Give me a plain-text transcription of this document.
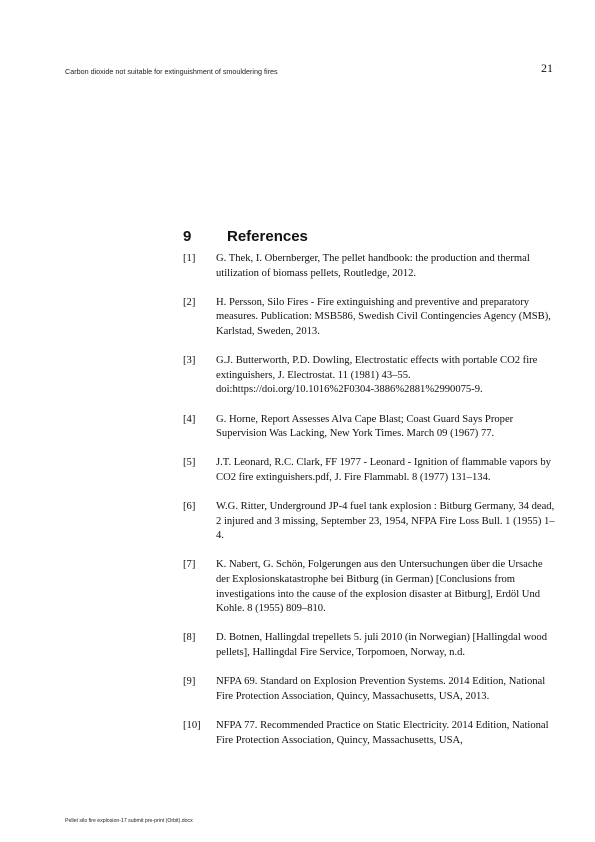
Carbon dioxide not suitable for extinguishment of smouldering fires	21
9 References
[1]	G. Thek, I. Obernberger, The pellet handbook: the production and thermal utilization of biomass pellets, Routledge, 2012.
[2]	H. Persson, Silo Fires - Fire extinguishing and preventive and preparatory measures. Publication: MSB586, Swedish Civil Contingencies Agency (MSB), Karlstad, Sweden, 2013.
[3]	G.J. Butterworth, P.D. Dowling, Electrostatic effects with portable CO2 fire extinguishers, J. Electrostat. 11 (1981) 43–55. doi:https://doi.org/10.1016%2F0304-3886%2881%2990075-9.
[4]	G. Horne, Report Assesses Alva Cape Blast; Coast Guard Says Proper Supervision Was Lacking, New York Times. March 09 (1967) 77.
[5]	J.T. Leonard, R.C. Clark, FF 1977 - Leonard - Ignition of flammable vapors by CO2 fire extinguishers.pdf, J. Fire Flammabl. 8 (1977) 131–134.
[6]	W.G. Ritter, Underground JP-4 fuel tank explosion : Bitburg Germany, 34 dead, 2 injured and 3 missing, September 23, 1954, NFPA Fire Loss Bull. 1 (1955) 1–4.
[7]	K. Nabert, G. Schön, Folgerungen aus den Untersuchungen über die Ursache der Explosionskatastrophe bei Bitburg (in German) [Conclusions from investigations into the cause of the explosion disaster at Bitburg], Erdöl Und Kohle. 8 (1955) 809–810.
[8]	D. Botnen, Hallingdal trepellets 5. juli 2010 (in Norwegian) [Hallingdal wood pellets], Hallingdal Fire Service, Torpomoen, Norway, n.d.
[9]	NFPA 69. Standard on Explosion Prevention Systems. 2014 Edition, National Fire Protection Association, Quincy, Massachusetts, USA, 2013.
[10]	NFPA 77. Recommended Practice on Static Electricity. 2014 Edition, National Fire Protection Association, Quincy, Massachusetts, USA,
Pellet silo fire explosion-17 submit pre-print (Orbit).docx
